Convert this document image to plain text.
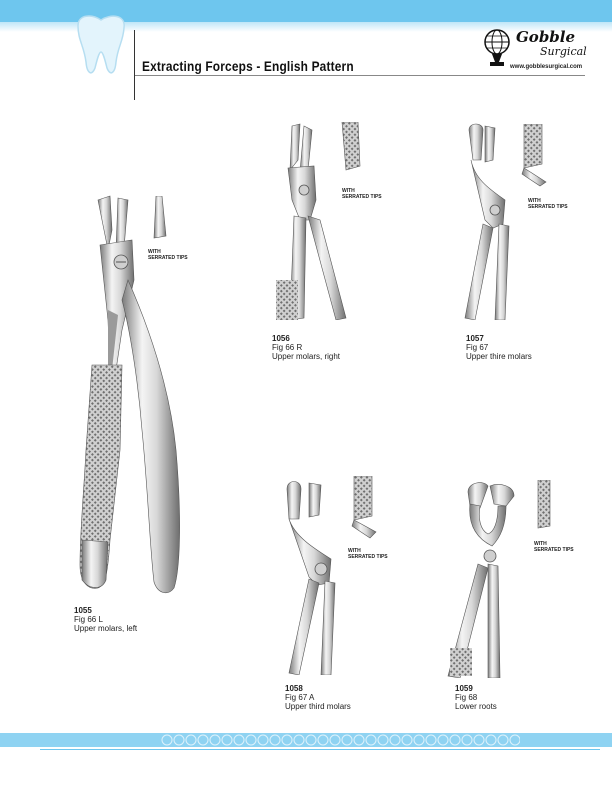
Extracting Forceps - English Pattern
Gobble
Surgical
www.gobblesurgical.com
WITH SERRATED TIPS
1055
Fig 66 L
Upper molars, left
WITH SERRATED TIPS
1056
Fig 66 R
Upper molars, right
WITH SERRATED TIPS
1057
Fig 67
Upper thire molars
WITH SERRATED TIPS
1058
Fig 67 A
Upper third molars
WITH SERRATED TIPS
1059
Fig 68
Lower roots
